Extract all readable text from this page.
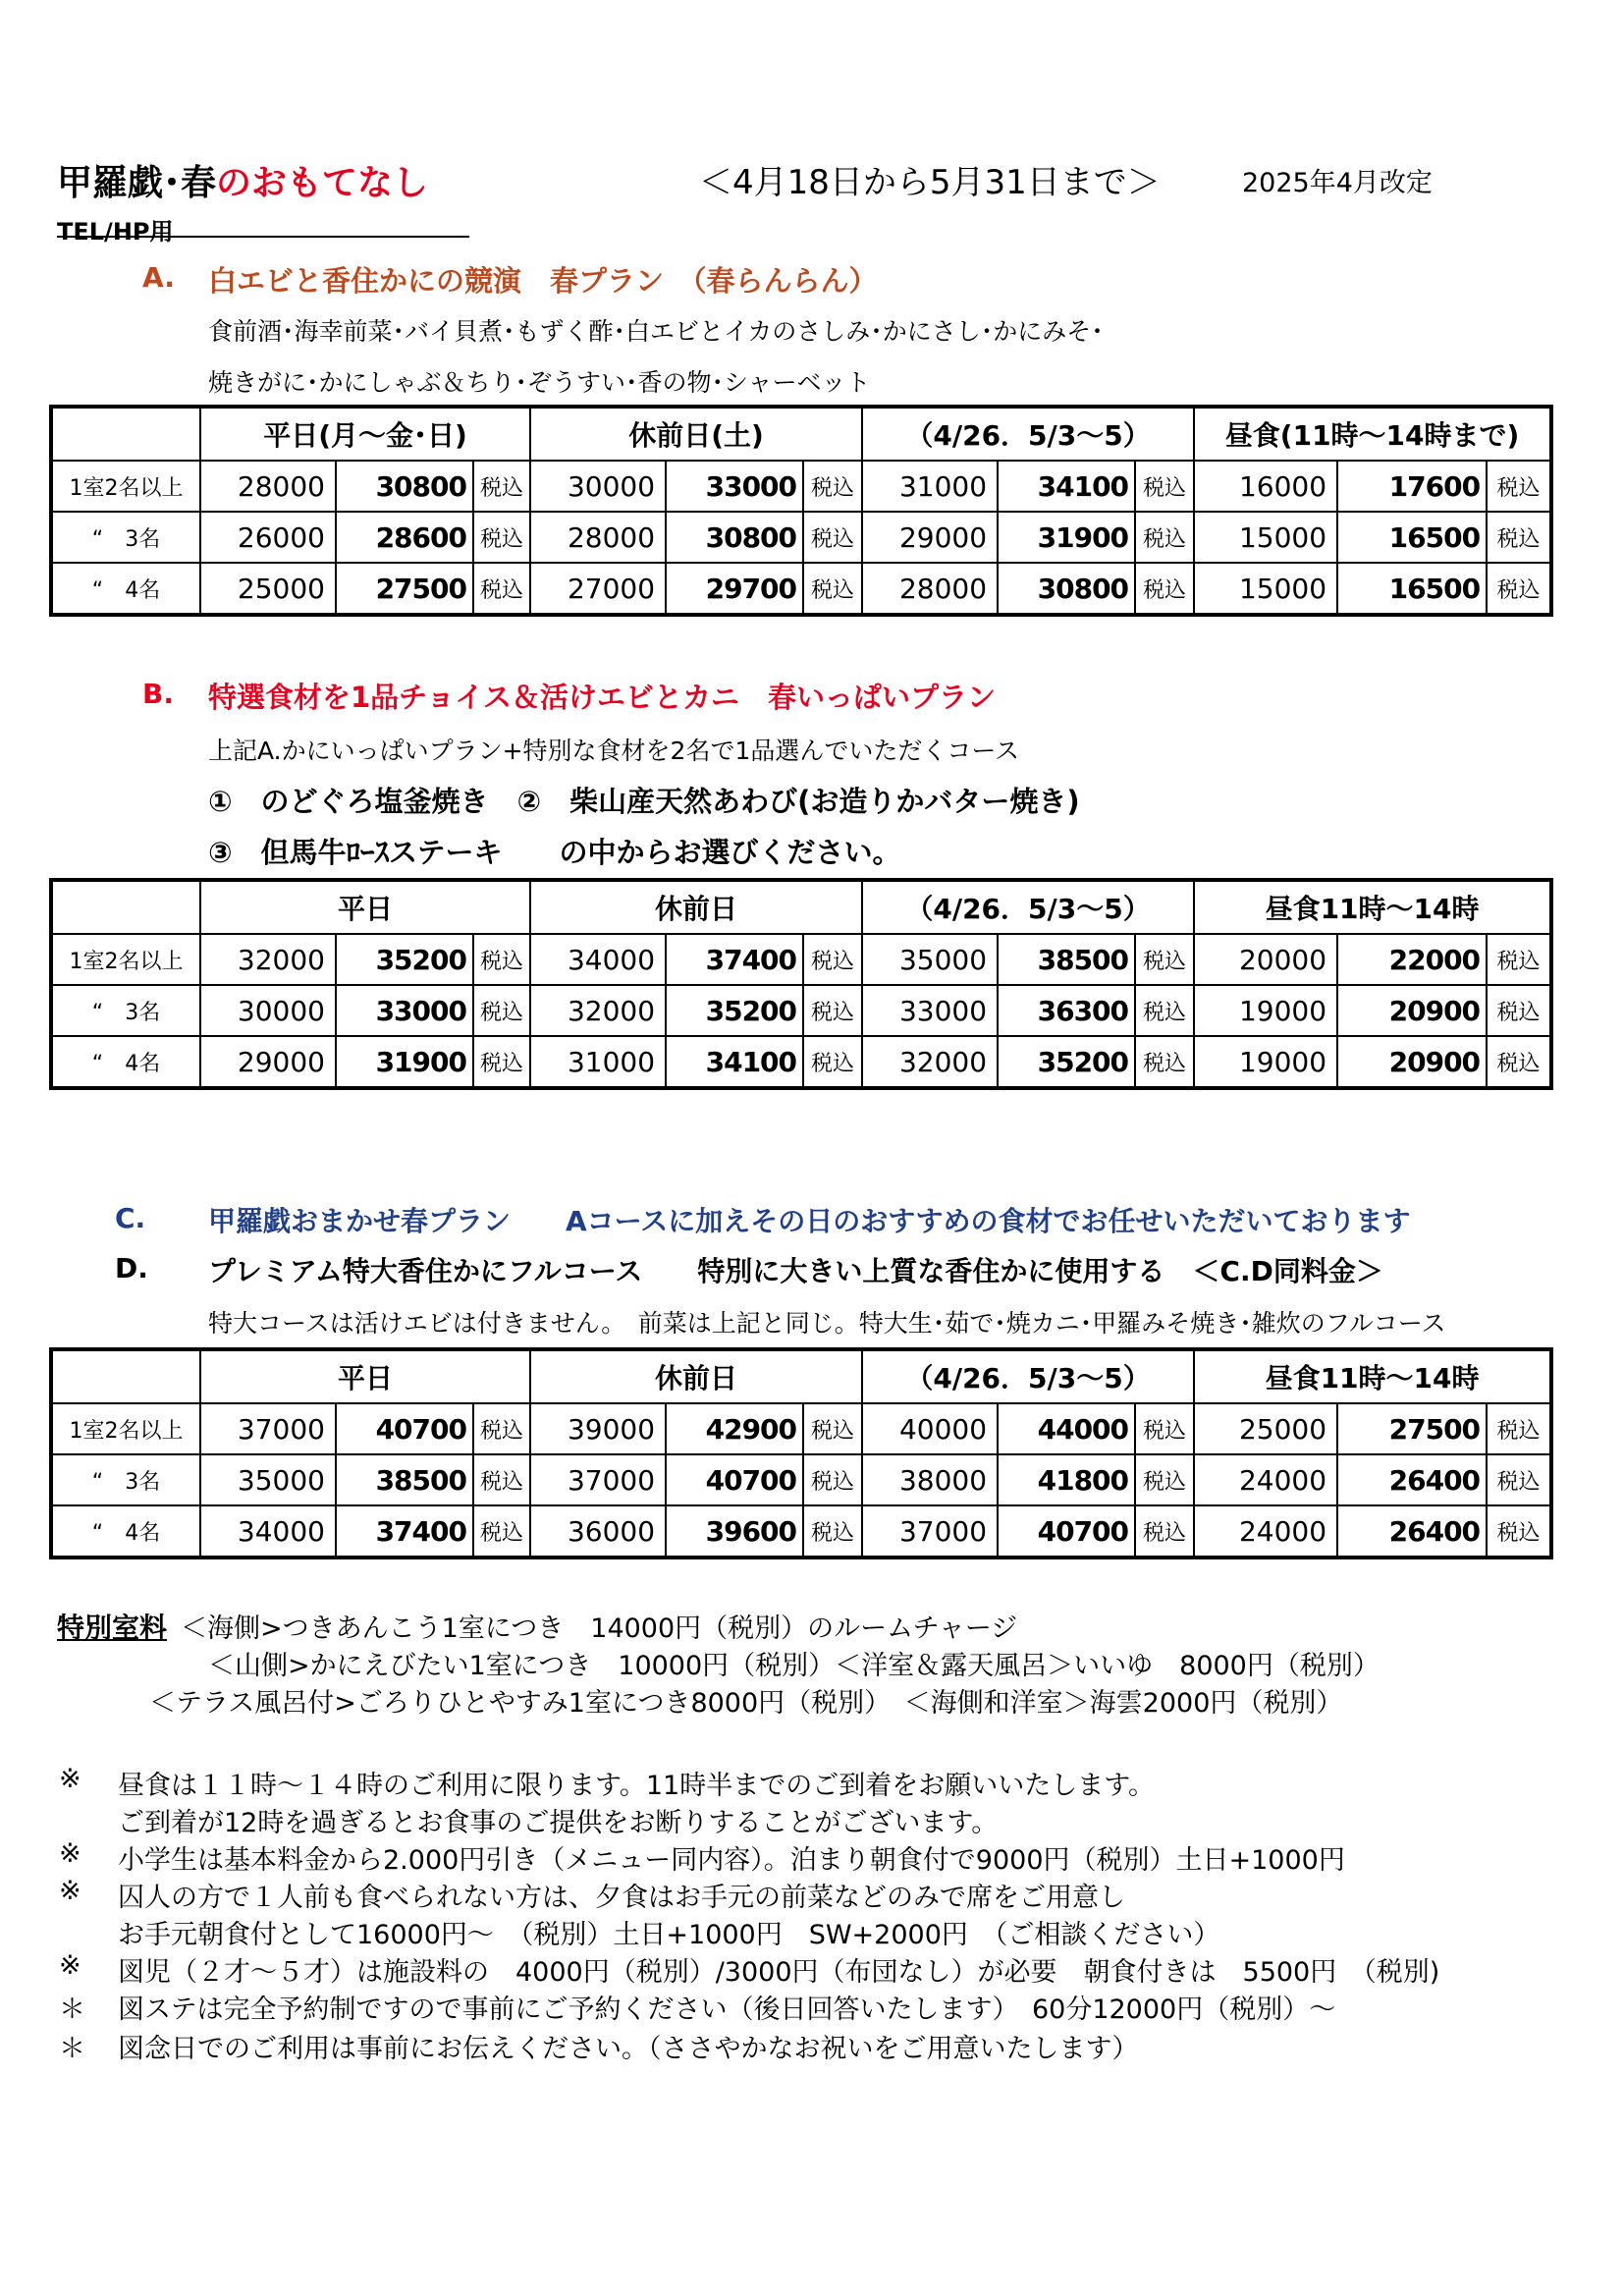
甲羅戯･春のおもてなし	＜4月18日から5月31日まで＞	2025年4月改定
TEL/HP用
A. 白エビと香住かにの競演　春プラン　（春らんらん）
食前酒･海幸前菜･バイ貝煮･もずく酢･白エビとイカのさしみ･かにさし･かにみそ･
焼きがに･かにしゃぶ＆ちり･ぞうすい･香の物･シャーベット
	平日(月～金･日)			休前日(土)			（4/26．5/3～5）			昼食(11時～14時まで)		
1室2名以上	28000	30800	税込	30000	33000	税込	31000	34100	税込	16000	17600	税込
“　3名	26000	28600	税込	28000	30800	税込	29000	31900	税込	15000	16500	税込
“　4名	25000	27500	税込	27000	29700	税込	28000	30800	税込	15000	16500	税込
B. 特選食材を1品チョイス＆活けエビとカニ　春いっぱいプラン
上記A.かにいっぱいプラン+特別な食材を2名で1品選んでいただくコース
①　のどぐろ塩釜焼き　②　柴山産天然あわび(お造りかバター焼き)
③　但馬牛ﾛｰｽステーキ　　の中からお選びください。
	平日			休前日			（4/26．5/3～5）			昼食11時～14時		
1室2名以上	32000	35200	税込	34000	37400	税込	35000	38500	税込	20000	22000	税込
“　3名	30000	33000	税込	32000	35200	税込	33000	36300	税込	19000	20900	税込
“　4名	29000	31900	税込	31000	34100	税込	32000	35200	税込	19000	20900	税込
C. 甲羅戯おまかせ春プラン　　Aコースに加えその日のおすすめの食材でお任せいただいております
D. プレミアム特大香住かにフルコース　　特別に大きい上質な香住かに使用する　＜C.D同料金＞
特大コースは活けエビは付きません。　前菜は上記と同じ。特大生･茹で･焼カニ･甲羅みそ焼き･雑炊のフルコース
	平日			休前日			（4/26．5/3～5）			昼食11時～14時		
1室2名以上	37000	40700	税込	39000	42900	税込	40000	44000	税込	25000	27500	税込
“　3名	35000	38500	税込	37000	40700	税込	38000	41800	税込	24000	26400	税込
“　4名	34000	37400	税込	36000	39600	税込	37000	40700	税込	24000	26400	税込
特別室料 ＜海側>つきあんこう1室につき　14000円（税別）のルームチャージ
＜山側>かにえびたい1室につき　10000円（税別）＜洋室＆露天風呂＞いいゆ　8000円（税別）
＜テラス風呂付>ごろりひとやすみ1室につき8000円（税別）　＜海側和洋室＞海雲2000円（税別）
※ 昼食は１１時～１４時のご利用に限ります。11時半までのご到着をお願いいたします。
ご到着が12時を過ぎるとお食事のご提供をお断りすることがございます。
※ 小学生は基本料金から2.000円引き（メニュー同内容）。泊まり朝食付で9000円（税別）土日+1000円
※ 囚人の方で１人前も食べられない方は、夕食はお手元の前菜などのみで席をご用意し
お手元朝食付として16000円～　（税別）土日+1000円　SW+2000円　（ご相談ください）
※ 図児（２才～５才）は施設料の　4000円（税別）/3000円（布団なし）が必要　朝食付きは　5500円　（税別)
＊ 図ステは完全予約制ですので事前にご予約ください（後日回答いたします）　60分12000円（税別）～
＊ 図念日でのご利用は事前にお伝えください。（ささやかなお祝いをご用意いたします）
